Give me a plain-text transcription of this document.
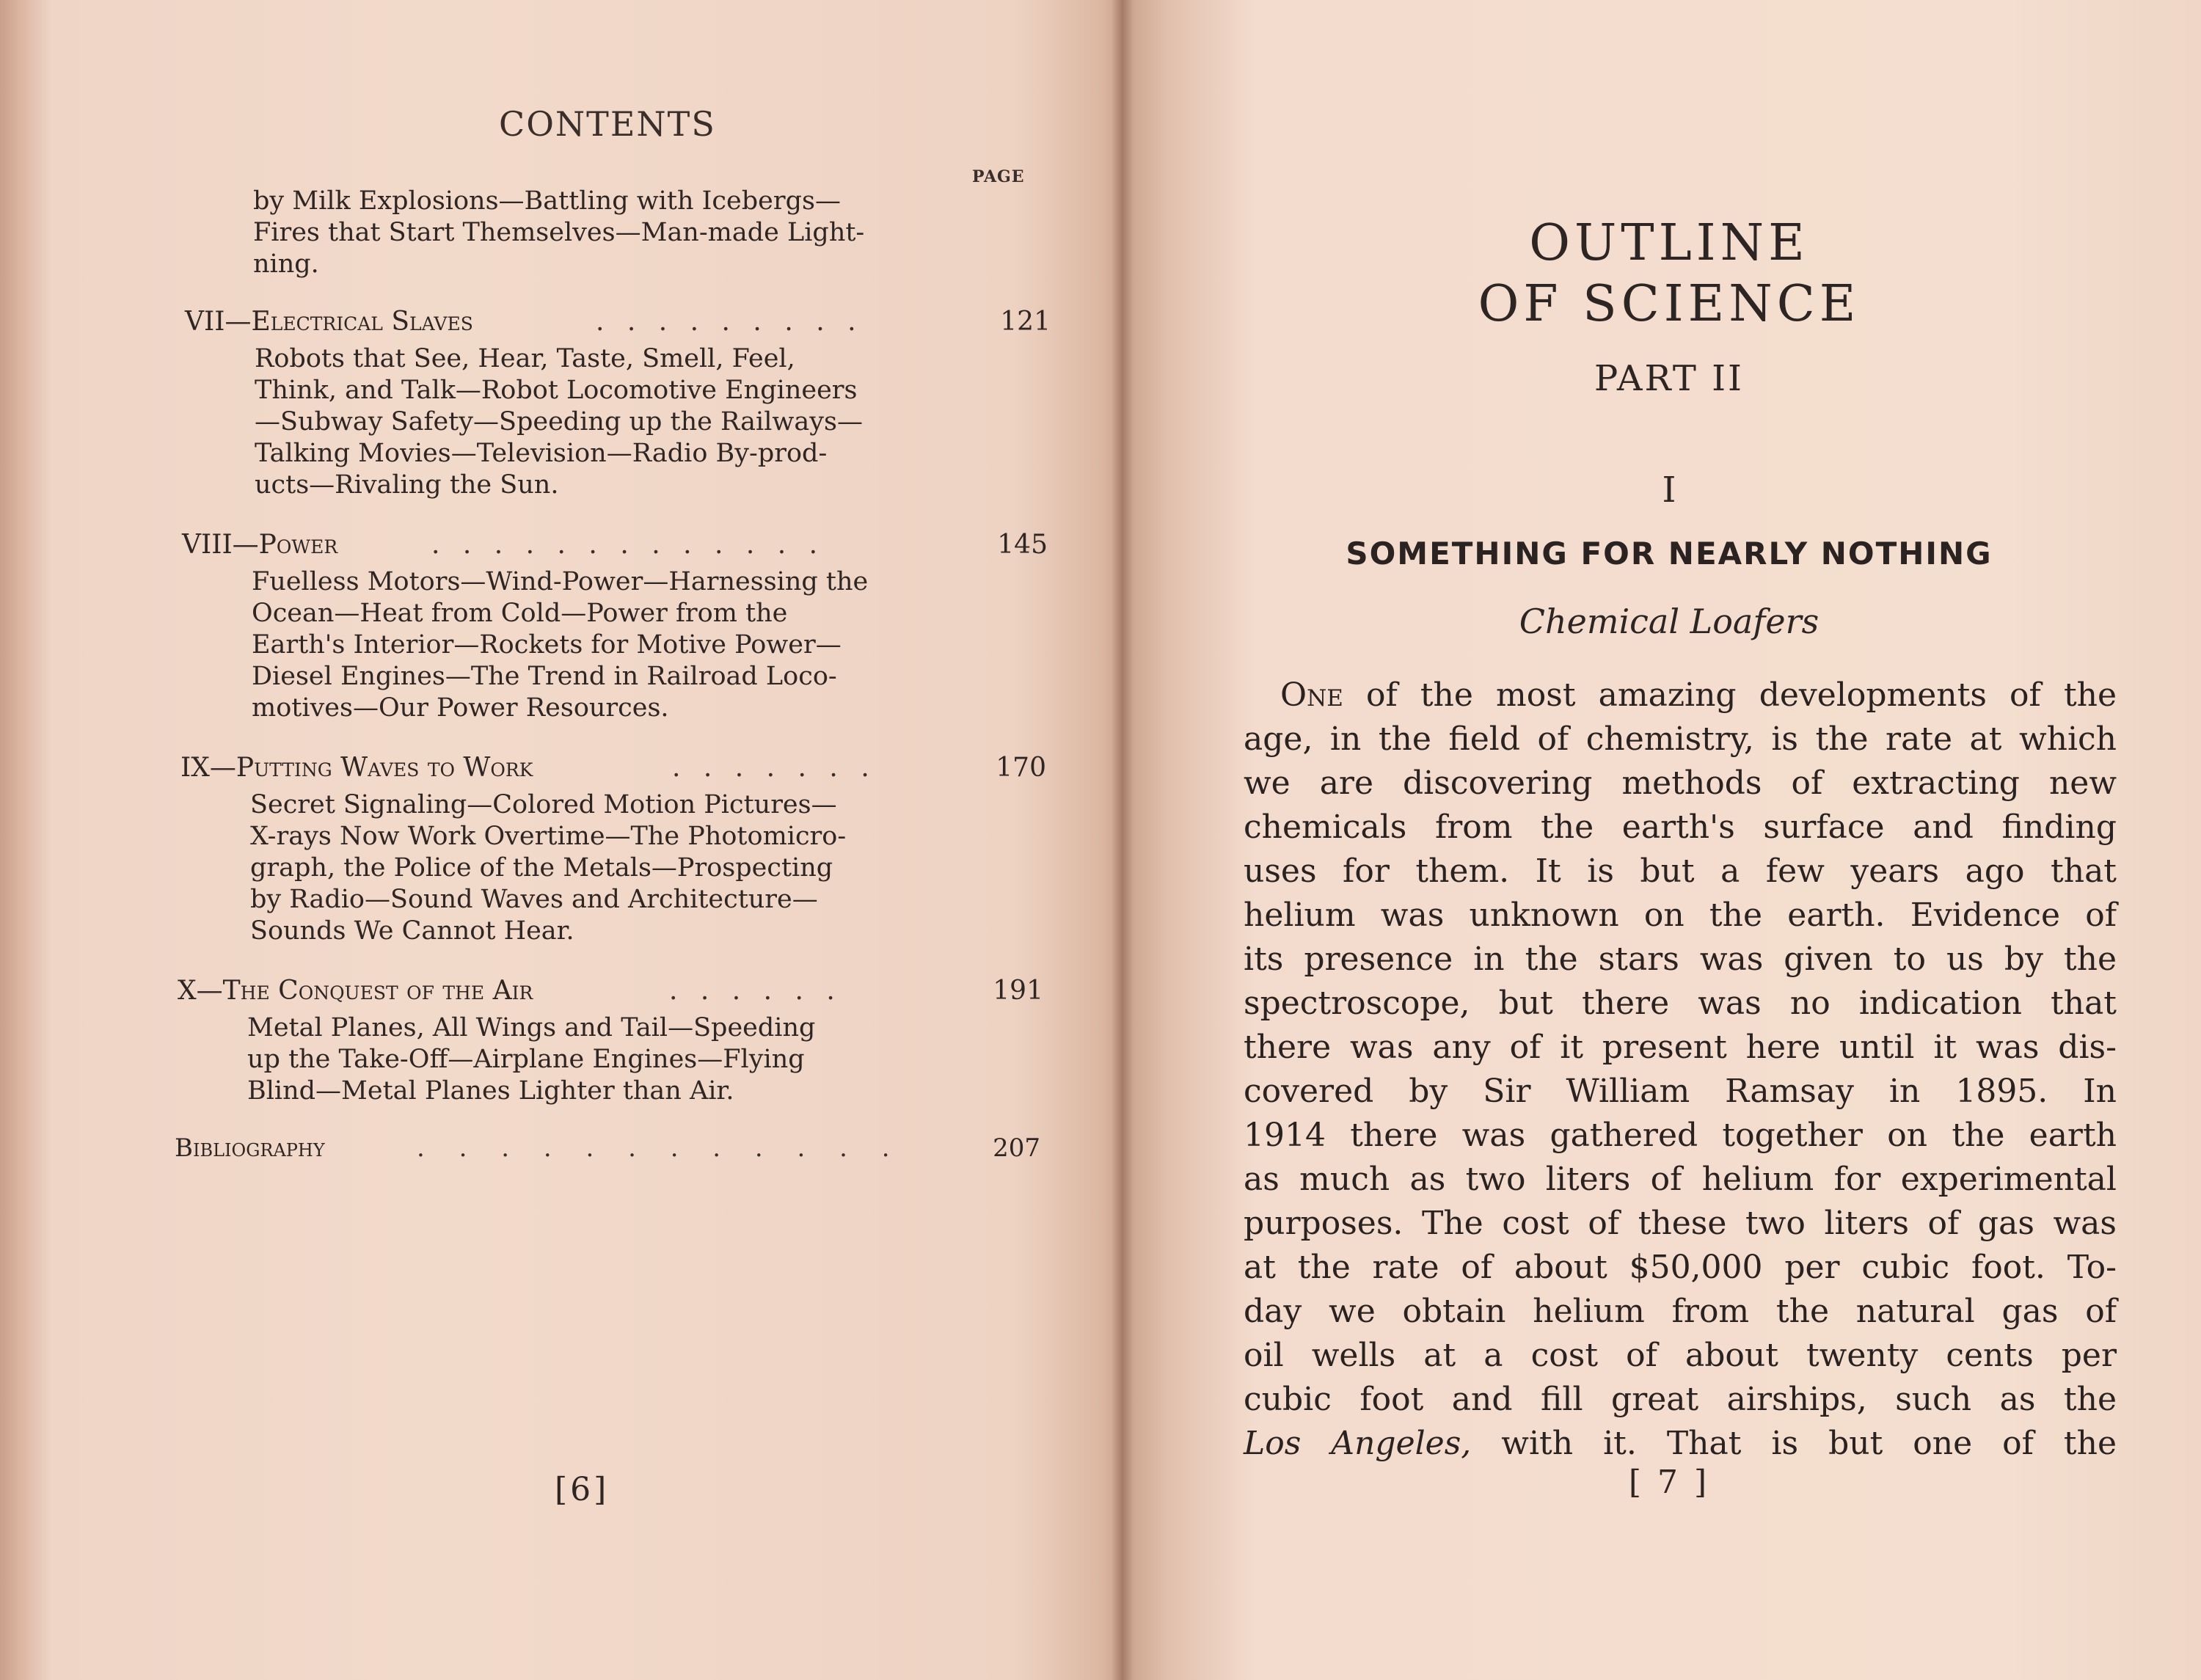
CONTENTS
PAGE
by Milk Explosions—Battling with Icebergs—
Fires that Start Themselves—Man-made Light-
ning.
VII—Electrical Slaves	. . . . . . . . .	121
Robots that See, Hear, Taste, Smell, Feel,
Think, and Talk—Robot Locomotive Engineers
—Subway Safety—Speeding up the Railways—
Talking Movies—Television—Radio By-prod-
ucts—Rivaling the Sun.
VIII—Power	. . . . . . . . . . . . .	145
Fuelless Motors—Wind-Power—Harnessing the
Ocean—Heat from Cold—Power from the
Earth's Interior—Rockets for Motive Power—
Diesel Engines—The Trend in Railroad Loco-
motives—Our Power Resources.
IX—Putting Waves to Work	. . . . . . .	170
Secret Signaling—Colored Motion Pictures—
X-rays Now Work Overtime—The Photomicro-
graph, the Police of the Metals—Prospecting
by Radio—Sound Waves and Architecture—
Sounds We Cannot Hear.
X—The Conquest of the Air	. . . . . .	191
Metal Planes, All Wings and Tail—Speeding
up the Take-Off—Airplane Engines—Flying
Blind—Metal Planes Lighter than Air.
Bibliography	. . . . . . . . . . . .	207
[6]
OUTLINE
OF SCIENCE
PART II
I
SOMETHING FOR NEARLY NOTHING
Chemical Loafers
One of the most amazing developments of the
age, in the field of chemistry, is the rate at which
we are discovering methods of extracting new
chemicals from the earth's surface and finding
uses for them. It is but a few years ago that
helium was unknown on the earth. Evidence of
its presence in the stars was given to us by the
spectroscope, but there was no indication that
there was any of it present here until it was dis-
covered by Sir William Ramsay in 1895. In
1914 there was gathered together on the earth
as much as two liters of helium for experimental
purposes. The cost of these two liters of gas was
at the rate of about $50,000 per cubic foot. To-
day we obtain helium from the natural gas of
oil wells at a cost of about twenty cents per
cubic foot and fill great airships, such as the
Los Angeles, with it. That is but one of the
[ 7 ]
